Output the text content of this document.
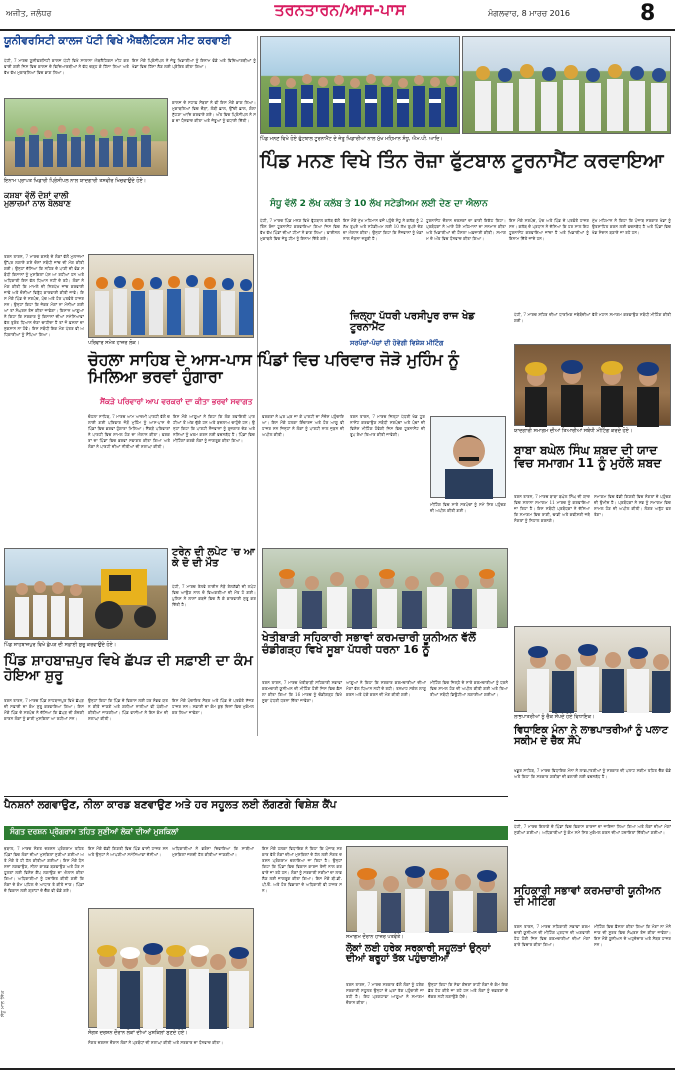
ਅਜੀਤ, ਜਲੰਧਰ	ਤਰਨਤਾਰਨ/ਆਸ-ਪਾਸ	ਮੰਗਲਵਾਰ, 8 ਮਾਰਚ 2016	8
ਯੂਨੀਵਰਸਿਟੀ ਕਾਲਜ ਪੱਟੀ ਵਿਖੇ ਐਥਲੈਟਿਕਸ ਮੀਟ ਕਰਵਾਈ
ਪੱਟੀ, 7 ਮਾਰਚ ਯੂਨੀਵਰਸਿਟੀ ਕਾਲਜ ਪੱਟੀ ਵਿਖੇ ਸਾਲਾਨਾ ਐਥਲੈਟਿਕਸ ਮੀਟ ਕਰਵਾਈ ਗਈ ਜਿਸ ਵਿਚ ਕਾਲਜ ਦੇ ਵਿਦਿਆਰਥੀਆਂ ਨੇ ਵੱਧ ਚੜ੍ਹ ਕੇ ਹਿੱਸਾ ਲਿਆ ਅਤੇ ਵੱਖ ਵੱਖ ਮੁਕਾਬਲਿਆਂ ਵਿਚ ਭਾਗ ਲਿਆ।
ਇਸ ਮੌਕੇ ਪ੍ਰਿੰਸੀਪਲ ਨੇ ਜੇਤੂ ਖਿਡਾਰੀਆਂ ਨੂੰ ਇਨਾਮ ਵੰਡੇ ਅਤੇ ਵਿਦਿਆਰਥੀਆਂ ਨੂੰ ਖੇਡਾਂ ਵਿਚ ਹਿੱਸਾ ਲੈਣ ਲਈ ਪ੍ਰੇਰਿਤ ਕੀਤਾ ਗਿਆ।
ਇਨਾਮ ਪ੍ਰਾਪਤ ਖਿਡਾਰੀ ਪ੍ਰਿੰਸੀਪਲ ਨਾਲ ਯਾਦਗਾਰੀ ਤਸਵੀਰ ਖਿਚਵਾਉਂਦੇ ਹੋਏ।
ਕਾਲਜ ਦੇ ਸਟਾਫ਼ ਮੈਂਬਰਾਂ ਨੇ ਵੀ ਇਸ ਮੌਕੇ ਭਾਗ ਲਿਆ। ਮੁਕਾਬਲਿਆਂ ਵਿਚ ਦੌੜਾਂ, ਲੰਬੀ ਛਾਲ, ਉੱਚੀ ਛਾਲ, ਗੋਲਾ ਸੁੱਟਣਾ ਆਦਿ ਕਰਵਾਏ ਗਏ। ਅੰਤ ਵਿਚ ਪ੍ਰਿੰਸੀਪਲ ਨੇ ਸਭ ਦਾ ਧੰਨਵਾਦ ਕੀਤਾ ਅਤੇ ਜੇਤੂਆਂ ਨੂੰ ਵਧਾਈ ਦਿੱਤੀ।
ਪਿੰਡ ਮਨਣ ਵਿਖੇ ਹੋਏ ਫੁੱਟਬਾਲ ਟੂਰਨਾਮੈਂਟ ਦੇ ਜੇਤੂ ਖਿਡਾਰੀਆਂ ਨਾਲ ਮੁੱਖ ਮਹਿਮਾਨ ਸੰਧੂ, ਐਮ.ਪੀ. ਆਦਿ।
ਪਿੰਡ ਮਨਣ ਵਿਖੇ ਤਿੰਨ ਰੋਜ਼ਾ ਫੁੱਟਬਾਲ ਟੂਰਨਾਮੈਂਟ ਕਰਵਾਇਆ
ਸੰਧੂ ਵੱਲੋਂ 2 ਲੱਖ ਕਲੱਬ ਤੇ 10 ਲੱਖ ਸਟੇਡੀਅਮ ਲਈ ਦੇਣ ਦਾ ਐਲਾਨ
ਪੱਟੀ, 7 ਮਾਰਚ ਪਿੰਡ ਮਨਣ ਵਿਖੇ ਫੁੱਟਬਾਲ ਕਲੱਬ ਵੱਲੋਂ ਤਿੰਨ ਰੋਜ਼ਾ ਟੂਰਨਾਮੈਂਟ ਕਰਵਾਇਆ ਗਿਆ ਜਿਸ ਵਿਚ ਵੱਖ ਵੱਖ ਪਿੰਡਾਂ ਦੀਆਂ ਟੀਮਾਂ ਨੇ ਭਾਗ ਲਿਆ। ਫਾਈਨਲ ਮੁਕਾਬਲੇ ਵਿਚ ਜੇਤੂ ਟੀਮ ਨੂੰ ਇਨਾਮ ਦਿੱਤੇ ਗਏ।
ਇਸ ਮੌਕੇ ਮੁੱਖ ਮਹਿਮਾਨ ਵਜੋਂ ਪਹੁੰਚੇ ਸੰਧੂ ਨੇ ਕਲੱਬ ਨੂੰ 2 ਲੱਖ ਰੁਪਏ ਅਤੇ ਸਟੇਡੀਅਮ ਲਈ 10 ਲੱਖ ਰੁਪਏ ਦੇਣ ਦਾ ਐਲਾਨ ਕੀਤਾ। ਉਨ੍ਹਾਂ ਕਿਹਾ ਕਿ ਨੌਜਵਾਨਾਂ ਨੂੰ ਖੇਡਾਂ ਨਾਲ ਜੋੜਨਾ ਜ਼ਰੂਰੀ ਹੈ।
ਟੂਰਨਾਮੈਂਟ ਦੌਰਾਨ ਦਰਸ਼ਕਾਂ ਦਾ ਭਾਰੀ ਇਕੱਠ ਰਿਹਾ। ਪ੍ਰਬੰਧਕਾਂ ਨੇ ਆਏ ਹੋਏ ਮਹਿਮਾਨਾਂ ਦਾ ਸਨਮਾਨ ਕੀਤਾ ਅਤੇ ਖਿਡਾਰੀਆਂ ਦੀ ਹੌਸਲਾ ਅਫ਼ਜ਼ਾਈ ਕੀਤੀ। ਸਮਾਗਮ ਦੇ ਅੰਤ ਵਿਚ ਧੰਨਵਾਦ ਕੀਤਾ ਗਿਆ।
ਇਸ ਮੌਕੇ ਸਰਪੰਚ, ਪੰਚ ਅਤੇ ਪਿੰਡ ਦੇ ਪਤਵੰਤੇ ਹਾਜ਼ਰ ਸਨ। ਕਲੱਬ ਦੇ ਪ੍ਰਧਾਨ ਨੇ ਦੱਸਿਆ ਕਿ ਹਰ ਸਾਲ ਇਹ ਟੂਰਨਾਮੈਂਟ ਕਰਵਾਇਆ ਜਾਂਦਾ ਹੈ ਅਤੇ ਖਿਡਾਰੀਆਂ ਨੂੰ ਇਨਾਮ ਦਿੱਤੇ ਜਾਂਦੇ ਹਨ।
ਮੁੱਖ ਮਹਿਮਾਨ ਨੇ ਕਿਹਾ ਕਿ ਪੰਜਾਬ ਸਰਕਾਰ ਖੇਡਾਂ ਨੂੰ ਉਤਸ਼ਾਹਿਤ ਕਰਨ ਲਈ ਵਚਨਬੱਧ ਹੈ ਅਤੇ ਪਿੰਡਾਂ ਵਿਚ ਖੇਡ ਮੈਦਾਨ ਬਣਾਏ ਜਾ ਰਹੇ ਹਨ।
ਕਸ਼ਬਾ ਵੱਲੋਂ ਦੋਸ਼ਾਂ ਵਾਲੀ ਮੁਲਾਜ਼ਮਾਂ ਨਾਲ ਬੋਲਬਾਣ
ਤਰਨ ਤਾਰਨ, 7 ਮਾਰਚ ਕਸਬੇ ਦੇ ਲੋਕਾਂ ਵੱਲੋਂ ਮੁਲਾਜ਼ਮਾਂ ਉੱਪਰ ਲਗਾਏ ਗਏ ਦੋਸ਼ਾਂ ਸਬੰਧੀ ਜਾਂਚ ਦੀ ਮੰਗ ਕੀਤੀ ਗਈ। ਉਨ੍ਹਾਂ ਦੱਸਿਆ ਕਿ ਨਹਿਰ ਦੇ ਪਾਣੀ ਦੀ ਵੰਡ ਸਬੰਧੀ ਕਿਸਾਨਾਂ ਨੂੰ ਮੁਸ਼ਕਿਲਾਂ ਪੇਸ਼ ਆ ਰਹੀਆਂ ਹਨ ਅਤੇ ਅਧਿਕਾਰੀ ਇਸ ਵੱਲ ਧਿਆਨ ਨਹੀਂ ਦੇ ਰਹੇ। ਲੋਕਾਂ ਨੇ ਮੰਗ ਕੀਤੀ ਕਿ ਮਾਮਲੇ ਦੀ ਨਿਰਪੱਖ ਜਾਂਚ ਕਰਵਾਈ ਜਾਵੇ ਅਤੇ ਦੋਸ਼ੀਆਂ ਵਿਰੁੱਧ ਕਾਰਵਾਈ ਕੀਤੀ ਜਾਵੇ। ਇਸ ਮੌਕੇ ਪਿੰਡ ਦੇ ਸਰਪੰਚ, ਪੰਚ ਅਤੇ ਹੋਰ ਪਤਵੰਤੇ ਹਾਜ਼ਰ ਸਨ। ਉਨ੍ਹਾਂ ਕਿਹਾ ਕਿ ਜੇਕਰ ਮੰਗਾਂ ਨਾ ਮੰਨੀਆਂ ਗਈਆਂ ਤਾਂ ਸੰਘਰਸ਼ ਤੇਜ਼ ਕੀਤਾ ਜਾਵੇਗਾ। ਕਿਸਾਨ ਆਗੂਆਂ ਨੇ ਕਿਹਾ ਕਿ ਸਰਕਾਰ ਨੂੰ ਕਿਸਾਨਾਂ ਦੀਆਂ ਸਮੱਸਿਆਵਾਂ ਵੱਲ ਤੁਰੰਤ ਧਿਆਨ ਦੇਣਾ ਚਾਹੀਦਾ ਹੈ ਤਾਂ ਜੋ ਫ਼ਸਲਾਂ ਦਾ ਨੁਕਸਾਨ ਨਾ ਹੋਵੇ। ਇਸ ਸਬੰਧੀ ਇਕ ਮੰਗ ਪੱਤਰ ਵੀ ਅਧਿਕਾਰੀਆਂ ਨੂੰ ਸੌਂਪਿਆ ਗਿਆ।
ਪਰਿਵਾਰ ਸਮੇਤ ਹਾਜ਼ਰ ਲੋਕ।
ਚੋਹਲਾ ਸਾਹਿਬ ਦੇ ਆਸ-ਪਾਸ ਪਿੰਡਾਂ ਵਿਚ ਪਰਿਵਾਰ ਜੋੜੋ ਮੁਹਿੰਮ ਨੂੰ ਮਿਲਿਆ ਭਰਵਾਂ ਹੁੰਗਾਰਾ
ਸੈਂਕੜੇ ਪਰਿਵਾਰਾਂ ਆਪ ਵਰਕਰਾਂ ਦਾ ਕੀਤਾ ਭਰਵਾਂ ਸਵਾਗਤ
ਚੋਹਲਾ ਸਾਹਿਬ, 7 ਮਾਰਚ ਆਮ ਆਦਮੀ ਪਾਰਟੀ ਵੱਲੋਂ ਚਲਾਈ ਗਈ ਪਰਿਵਾਰ ਜੋੜੋ ਮੁਹਿੰਮ ਨੂੰ ਆਸ-ਪਾਸ ਦੇ ਪਿੰਡਾਂ ਵਿਚ ਭਰਵਾਂ ਹੁੰਗਾਰਾ ਮਿਲਿਆ। ਸੈਂਕੜੇ ਪਰਿਵਾਰਾਂ ਨੇ ਪਾਰਟੀ ਵਿਚ ਸ਼ਾਮਲ ਹੋਣ ਦਾ ਐਲਾਨ ਕੀਤਾ। ਵਰਕਰਾਂ ਦਾ ਪਿੰਡਾਂ ਵਿਚ ਭਰਵਾਂ ਸਵਾਗਤ ਕੀਤਾ ਗਿਆ ਅਤੇ ਲੋਕਾਂ ਨੇ ਪਾਰਟੀ ਦੀਆਂ ਨੀਤੀਆਂ ਦੀ ਸ਼ਲਾਘਾ ਕੀਤੀ।
ਇਸ ਮੌਕੇ ਆਗੂਆਂ ਨੇ ਕਿਹਾ ਕਿ ਲੋਕ ਰਵਾਇਤੀ ਪਾਰਟੀਆਂ ਤੋਂ ਅੱਕ ਚੁੱਕੇ ਹਨ ਅਤੇ ਬਦਲਾਅ ਚਾਹੁੰਦੇ ਹਨ। ਉਨ੍ਹਾਂ ਕਿਹਾ ਕਿ ਪਾਰਟੀ ਨੌਜਵਾਨਾਂ ਨੂੰ ਰੁਜ਼ਗਾਰ ਦੇਣ ਅਤੇ ਨਸ਼ਿਆਂ ਨੂੰ ਖ਼ਤਮ ਕਰਨ ਲਈ ਵਚਨਬੱਧ ਹੈ। ਪਿੰਡਾਂ ਵਿਚ ਮੀਟਿੰਗਾਂ ਕਰਕੇ ਲੋਕਾਂ ਨੂੰ ਜਾਗਰੂਕ ਕੀਤਾ ਗਿਆ।
ਵਰਕਰਾਂ ਨੇ ਘਰ ਘਰ ਜਾ ਕੇ ਪਾਰਟੀ ਦਾ ਸੰਦੇਸ਼ ਪਹੁੰਚਾਇਆ। ਇਸ ਮੌਕੇ ਹਲਕਾ ਇੰਚਾਰਜ ਅਤੇ ਹੋਰ ਆਗੂ ਵੀ ਹਾਜ਼ਰ ਸਨ ਜਿਨ੍ਹਾਂ ਨੇ ਲੋਕਾਂ ਨੂੰ ਪਾਰਟੀ ਨਾਲ ਜੁੜਨ ਦੀ ਅਪੀਲ ਕੀਤੀ।
ਜ਼ਿਲ੍ਹਾ ਪੱਧਰੀ ਪਰਸੀਪੂਰ ਰਾਜ ਖੇਡ ਟੂਰਨਾਮੈਂਟ
ਸਰਪੰਚਾਂ-ਪੰਚਾਂ ਦੀ ਹੋਵੇਗੀ ਵਿਸ਼ੇਸ਼ ਮੀਟਿੰਗ
ਤਰਨ ਤਾਰਨ, 7 ਮਾਰਚ ਜ਼ਿਲ੍ਹਾ ਪੱਧਰੀ ਖੇਡ ਟੂਰਨਾਮੈਂਟ ਕਰਵਾਉਣ ਸਬੰਧੀ ਸਰਪੰਚਾਂ ਅਤੇ ਪੰਚਾਂ ਦੀ ਵਿਸ਼ੇਸ਼ ਮੀਟਿੰਗ ਹੋਵੇਗੀ ਜਿਸ ਵਿਚ ਟੂਰਨਾਮੈਂਟ ਦੀ ਰੂਪ ਰੇਖਾ ਤਿਆਰ ਕੀਤੀ ਜਾਵੇਗੀ।
ਮੀਟਿੰਗ ਵਿਚ ਸਾਰੇ ਸਰਪੰਚਾਂ ਨੂੰ ਸਮੇਂ ਸਿਰ ਪਹੁੰਚਣ ਦੀ ਅਪੀਲ ਕੀਤੀ ਗਈ।
ਪੱਟੀ, 7 ਮਾਰਚ ਸ਼ਹਿਰ ਦੀਆਂ ਧਾਰਮਿਕ ਜਥੇਬੰਦੀਆਂ ਵੱਲੋਂ ਮਹਾਨ ਸਮਾਗਮ ਕਰਵਾਉਣ ਸਬੰਧੀ ਮੀਟਿੰਗ ਕੀਤੀ ਗਈ।
ਯਾਦਗਾਰੀ ਸਮਾਗਮ ਦੀਆਂ ਤਿਆਰੀਆਂ ਸਬੰਧੀ ਮੀਟਿੰਗ ਕਰਦੇ ਹੋਏ।
ਬਾਬਾ ਬਘੇਲ ਸਿੰਘ ਸ਼ਬਦ ਦੀ ਯਾਦ ਵਿਚ ਸਮਾਗਮ 11 ਨੂੰ ਮੁਹੱਲੇ ਸ਼ਬਦ
ਤਰਨ ਤਾਰਨ, 7 ਮਾਰਚ ਬਾਬਾ ਬਘੇਲ ਸਿੰਘ ਦੀ ਯਾਦ ਵਿਚ ਸਲਾਨਾ ਸਮਾਗਮ 11 ਮਾਰਚ ਨੂੰ ਕਰਵਾਇਆ ਜਾ ਰਿਹਾ ਹੈ। ਇਸ ਸਬੰਧੀ ਪ੍ਰਬੰਧਕਾਂ ਨੇ ਦੱਸਿਆ ਕਿ ਸਮਾਗਮ ਵਿਚ ਰਾਗੀ, ਢਾਡੀ ਅਤੇ ਕਵੀਸ਼ਰੀ ਜਥੇ ਸੰਗਤਾਂ ਨੂੰ ਨਿਹਾਲ ਕਰਨਗੇ।
ਸਮਾਗਮ ਵਿਚ ਵੱਡੀ ਗਿਣਤੀ ਵਿਚ ਸੰਗਤਾਂ ਦੇ ਪਹੁੰਚਣ ਦੀ ਉਮੀਦ ਹੈ। ਪ੍ਰਬੰਧਕਾਂ ਨੇ ਸਭ ਨੂੰ ਸਮਾਗਮ ਵਿਚ ਸ਼ਾਮਲ ਹੋਣ ਦੀ ਅਪੀਲ ਕੀਤੀ। ਲੰਗਰ ਅਤੁੱਟ ਵਰਤੇਗਾ।
ਪਿੰਡ ਸ਼ਾਹਬਾਜ਼ਪੁਰ ਵਿਖੇ ਛੱਪੜ ਦੀ ਸਫ਼ਾਈ ਸ਼ੁਰੂ ਕਰਵਾਉਂਦੇ ਹੋਏ।
ਪਿੰਡ ਸ਼ਾਹਬਾਜ਼ਪੁਰ ਵਿਖੇ ਛੱਪੜ ਦੀ ਸਫ਼ਾਈ ਦਾ ਕੰਮ ਹੋਇਆ ਸ਼ੁਰੂ
ਤਰਨ ਤਾਰਨ, 7 ਮਾਰਚ ਪਿੰਡ ਸ਼ਾਹਬਾਜ਼ਪੁਰ ਵਿਖੇ ਛੱਪੜ ਦੀ ਸਫ਼ਾਈ ਦਾ ਕੰਮ ਸ਼ੁਰੂ ਕਰਵਾਇਆ ਗਿਆ। ਇਸ ਮੌਕੇ ਪਿੰਡ ਦੇ ਸਰਪੰਚ ਨੇ ਦੱਸਿਆ ਕਿ ਛੱਪੜ ਦੀ ਗੰਦਗੀ ਕਾਰਨ ਲੋਕਾਂ ਨੂੰ ਭਾਰੀ ਮੁਸ਼ਕਿਲਾਂ ਆ ਰਹੀਆਂ ਸਨ।
ਉਨ੍ਹਾਂ ਕਿਹਾ ਕਿ ਪਿੰਡ ਦੇ ਵਿਕਾਸ ਲਈ ਹਰ ਸੰਭਵ ਯਤਨ ਕੀਤੇ ਜਾਣਗੇ ਅਤੇ ਗਲੀਆਂ ਨਾਲੀਆਂ ਵੀ ਪੱਕੀਆਂ ਕੀਤੀਆਂ ਜਾਣਗੀਆਂ। ਪਿੰਡ ਵਾਸੀਆਂ ਨੇ ਇਸ ਕੰਮ ਦੀ ਸ਼ਲਾਘਾ ਕੀਤੀ।
ਇਸ ਮੌਕੇ ਪੰਚਾਇਤ ਮੈਂਬਰ ਅਤੇ ਪਿੰਡ ਦੇ ਪਤਵੰਤੇ ਸੱਜਣ ਹਾਜ਼ਰ ਸਨ। ਸਫ਼ਾਈ ਦਾ ਕੰਮ ਕੁਝ ਦਿਨਾਂ ਵਿਚ ਮੁਕੰਮਲ ਕਰ ਲਿਆ ਜਾਵੇਗਾ।
ਟਰੇਨ ਦੀ ਲਪੇਟ 'ਚ ਆ ਕੇ ਦੋ ਦੀ ਮੌਤ
ਪੱਟੀ, 7 ਮਾਰਚ ਰੇਲਵੇ ਲਾਈਨ ਨੇੜੇ ਰੇਲਗੱਡੀ ਦੀ ਲਪੇਟ ਵਿਚ ਆਉਣ ਨਾਲ ਦੋ ਵਿਅਕਤੀਆਂ ਦੀ ਮੌਤ ਹੋ ਗਈ। ਪੁਲਿਸ ਨੇ ਲਾਸ਼ਾਂ ਕਬਜ਼ੇ ਵਿਚ ਲੈ ਕੇ ਕਾਰਵਾਈ ਸ਼ੁਰੂ ਕਰ ਦਿੱਤੀ ਹੈ।
ਖੇਤੀਬਾੜੀ ਸਹਿਕਾਰੀ ਸਭਾਵਾਂ ਕਰਮਚਾਰੀ ਯੂਨੀਅਨ ਵੱਲੋਂ ਚੰਡੀਗੜ੍ਹ ਵਿਖੇ ਸੂਬਾ ਪੱਧਰੀ ਧਰਨਾ 16 ਨੂੰ
ਤਰਨ ਤਾਰਨ, 7 ਮਾਰਚ ਖੇਤੀਬਾੜੀ ਸਹਿਕਾਰੀ ਸਭਾਵਾਂ ਕਰਮਚਾਰੀ ਯੂਨੀਅਨ ਦੀ ਮੀਟਿੰਗ ਹੋਈ ਜਿਸ ਵਿਚ ਫ਼ੈਸਲਾ ਕੀਤਾ ਗਿਆ ਕਿ 16 ਮਾਰਚ ਨੂੰ ਚੰਡੀਗੜ੍ਹ ਵਿਖੇ ਸੂਬਾ ਪੱਧਰੀ ਧਰਨਾ ਦਿੱਤਾ ਜਾਵੇਗਾ।
ਆਗੂਆਂ ਨੇ ਕਿਹਾ ਕਿ ਸਰਕਾਰ ਕਰਮਚਾਰੀਆਂ ਦੀਆਂ ਮੰਗਾਂ ਵੱਲ ਧਿਆਨ ਨਹੀਂ ਦੇ ਰਹੀ। ਤਨਖ਼ਾਹ ਸਕੇਲ ਲਾਗੂ ਕਰਨ ਅਤੇ ਪੱਕੇ ਕਰਨ ਦੀ ਮੰਗ ਕੀਤੀ ਗਈ।
ਮੀਟਿੰਗ ਵਿਚ ਜ਼ਿਲ੍ਹੇ ਦੇ ਸਾਰੇ ਕਰਮਚਾਰੀਆਂ ਨੂੰ ਧਰਨੇ ਵਿਚ ਸ਼ਾਮਲ ਹੋਣ ਦੀ ਅਪੀਲ ਕੀਤੀ ਗਈ ਅਤੇ ਤਿਆਰੀਆਂ ਸਬੰਧੀ ਡਿਊਟੀਆਂ ਲਗਾਈਆਂ ਗਈਆਂ।
ਲਾਭਪਾਤਰੀਆਂ ਨੂੰ ਚੈੱਕ ਸੌਂਪਦੇ ਹੋਏ ਵਿਧਾਇਕ।
ਵਿਧਾਇਕ ਮੰਨਾ ਨੇ ਲਾਭਪਾਤਰੀਆਂ ਨੂੰ ਪਲਾਟ ਸਕੀਮ ਦੇ ਚੈੱਕ ਸੌਂਪੇ
ਖਡੂਰ ਸਾਹਿਬ, 7 ਮਾਰਚ ਵਿਧਾਇਕ ਮੰਨਾ ਨੇ ਲਾਭਪਾਤਰੀਆਂ ਨੂੰ ਸਰਕਾਰ ਦੀ ਪਲਾਟ ਸਕੀਮ ਤਹਿਤ ਚੈੱਕ ਵੰਡੇ ਅਤੇ ਕਿਹਾ ਕਿ ਸਰਕਾਰ ਗ਼ਰੀਬਾਂ ਦੀ ਭਲਾਈ ਲਈ ਵਚਨਬੱਧ ਹੈ।
ਪੈਨਸ਼ਨਾਂ ਲਗਵਾਉਣ, ਨੀਲਾ ਕਾਰਡ ਬਣਵਾਉਣ ਅਤੇ ਹਰ ਸਹੂਲਤ ਲਈ ਲੱਗਣਗੇ ਵਿਸ਼ੇਸ਼ ਕੈਂਪ
ਸੰਗਤ ਦਰਸ਼ਨ ਪ੍ਰੋਗਰਾਮ ਤਹਿਤ ਸੁਣੀਆਂ ਲੋਕਾਂ ਦੀਆਂ ਮੁਸ਼ਕਿਲਾਂ
ਝਬਾਲ, 7 ਮਾਰਚ ਸੰਗਤ ਦਰਸ਼ਨ ਪ੍ਰੋਗਰਾਮ ਤਹਿਤ ਪਿੰਡਾਂ ਵਿਚ ਲੋਕਾਂ ਦੀਆਂ ਮੁਸ਼ਕਿਲਾਂ ਸੁਣੀਆਂ ਗਈਆਂ ਅਤੇ ਮੌਕੇ ਤੇ ਹੀ ਹੱਲ ਕੀਤੀਆਂ ਗਈਆਂ। ਇਸ ਮੌਕੇ ਪੈਨਸ਼ਨਾਂ ਲਗਵਾਉਣ, ਨੀਲਾ ਕਾਰਡ ਬਣਵਾਉਣ ਅਤੇ ਹੋਰ ਸਹੂਲਤਾਂ ਲਈ ਵਿਸ਼ੇਸ਼ ਕੈਂਪ ਲਗਾਉਣ ਦਾ ਐਲਾਨ ਕੀਤਾ ਗਿਆ। ਅਧਿਕਾਰੀਆਂ ਨੂੰ ਹਦਾਇਤ ਕੀਤੀ ਗਈ ਕਿ ਲੋਕਾਂ ਦੇ ਕੰਮ ਪਹਿਲ ਦੇ ਆਧਾਰ ਤੇ ਕੀਤੇ ਜਾਣ। ਪਿੰਡਾਂ ਦੇ ਵਿਕਾਸ ਲਈ ਗ੍ਰਾਂਟਾਂ ਦੇ ਚੈੱਕ ਵੀ ਵੰਡੇ ਗਏ।
ਇਸ ਮੌਕੇ ਵੱਡੀ ਗਿਣਤੀ ਵਿਚ ਪਿੰਡ ਵਾਸੀ ਹਾਜ਼ਰ ਸਨ ਅਤੇ ਉਨ੍ਹਾਂ ਨੇ ਆਪਣੀਆਂ ਸਮੱਸਿਆਵਾਂ ਦੱਸੀਆਂ।
ਅਧਿਕਾਰੀਆਂ ਨੇ ਭਰੋਸਾ ਦਿਵਾਇਆ ਕਿ ਸਾਰੀਆਂ ਮੁਸ਼ਕਿਲਾਂ ਜਲਦੀ ਹੱਲ ਕੀਤੀਆਂ ਜਾਣਗੀਆਂ।
ਸੰਗਤ ਦਰਸ਼ਨ ਦੌਰਾਨ ਲੋਕਾਂ ਦੀਆਂ ਮੁਸ਼ਕਿਲਾਂ ਸੁਣਦੇ ਹੋਏ।
ਸੰਗਤ ਦਰਸ਼ਨ ਦੌਰਾਨ ਲੋਕਾਂ ਨੇ ਪ੍ਰਬੰਧਾਂ ਦੀ ਸ਼ਲਾਘਾ ਕੀਤੀ ਅਤੇ ਸਰਕਾਰ ਦਾ ਧੰਨਵਾਦ ਕੀਤਾ।
ਇਸ ਮੌਕੇ ਹਲਕਾ ਵਿਧਾਇਕ ਨੇ ਕਿਹਾ ਕਿ ਪੰਜਾਬ ਸਰਕਾਰ ਵੱਲੋਂ ਲੋਕਾਂ ਦੀਆਂ ਮੁਸ਼ਕਿਲਾਂ ਦੇ ਹੱਲ ਲਈ ਸੰਗਤ ਦਰਸ਼ਨ ਪ੍ਰੋਗਰਾਮ ਚਲਾਇਆ ਜਾ ਰਿਹਾ ਹੈ। ਉਨ੍ਹਾਂ ਕਿਹਾ ਕਿ ਪਿੰਡਾਂ ਵਿਚ ਵਿਕਾਸ ਕਾਰਜ ਤੇਜ਼ੀ ਨਾਲ ਕਰਵਾਏ ਜਾ ਰਹੇ ਹਨ। ਲੋਕਾਂ ਨੂੰ ਸਰਕਾਰੀ ਸਕੀਮਾਂ ਦਾ ਲਾਭ ਲੈਣ ਲਈ ਜਾਗਰੂਕ ਕੀਤਾ ਗਿਆ। ਇਸ ਮੌਕੇ ਬੀ.ਡੀ.ਪੀ.ਓ. ਅਤੇ ਹੋਰ ਵਿਭਾਗਾਂ ਦੇ ਅਧਿਕਾਰੀ ਵੀ ਹਾਜ਼ਰ ਸਨ।
ਸਮਾਗਮ ਦੌਰਾਨ ਹਾਜ਼ਰ ਪਤਵੰਤੇ।
ਲੋਕਾਂ ਲਈ ਹਰੇਕ ਸਰਕਾਰੀ ਸਹੂਲਤਾਂ ਉਨ੍ਹਾਂ ਦੀਆਂ ਬਰੂਹਾਂ ਤੱਕ ਪਹੁੰਚਾਈਆਂ
ਤਰਨ ਤਾਰਨ, 7 ਮਾਰਚ ਸਰਕਾਰ ਵੱਲੋਂ ਲੋਕਾਂ ਨੂੰ ਹਰੇਕ ਸਰਕਾਰੀ ਸਹੂਲਤ ਉਨ੍ਹਾਂ ਦੇ ਘਰਾਂ ਤੱਕ ਪਹੁੰਚਾਈ ਜਾ ਰਹੀ ਹੈ। ਇਹ ਪ੍ਰਗਟਾਵਾ ਆਗੂਆਂ ਨੇ ਸਮਾਗਮ ਦੌਰਾਨ ਕੀਤਾ।
ਉਨ੍ਹਾਂ ਕਿਹਾ ਕਿ ਸੇਵਾ ਕੇਂਦਰਾਂ ਰਾਹੀਂ ਲੋਕਾਂ ਦੇ ਕੰਮ ਇਕ ਛੱਤ ਹੇਠ ਕੀਤੇ ਜਾ ਰਹੇ ਹਨ ਅਤੇ ਲੋਕਾਂ ਨੂੰ ਦਫ਼ਤਰਾਂ ਦੇ ਚੱਕਰ ਨਹੀਂ ਲਗਾਉਣੇ ਪੈਂਦੇ।
ਪੱਟੀ, 7 ਮਾਰਚ ਇਲਾਕੇ ਦੇ ਪਿੰਡਾਂ ਵਿਚ ਵਿਕਾਸ ਕਾਰਜਾਂ ਦਾ ਜਾਇਜ਼ਾ ਲਿਆ ਗਿਆ ਅਤੇ ਲੋਕਾਂ ਦੀਆਂ ਮੰਗਾਂ ਸੁਣੀਆਂ ਗਈਆਂ। ਅਧਿਕਾਰੀਆਂ ਨੂੰ ਕੰਮ ਸਮੇਂ ਸਿਰ ਮੁਕੰਮਲ ਕਰਨ ਦੀਆਂ ਹਦਾਇਤਾਂ ਦਿੱਤੀਆਂ ਗਈਆਂ।
ਸਹਿਕਾਰੀ ਸਭਾਵਾਂ ਕਰਮਚਾਰੀ ਯੂਨੀਅਨ ਦੀ ਮੀਟਿੰਗ
ਤਰਨ ਤਾਰਨ, 7 ਮਾਰਚ ਸਹਿਕਾਰੀ ਸਭਾਵਾਂ ਕਰਮਚਾਰੀ ਯੂਨੀਅਨ ਦੀ ਮੀਟਿੰਗ ਪ੍ਰਧਾਨ ਦੀ ਅਗਵਾਈ ਹੇਠ ਹੋਈ ਜਿਸ ਵਿਚ ਕਰਮਚਾਰੀਆਂ ਦੀਆਂ ਮੰਗਾਂ ਬਾਰੇ ਵਿਚਾਰ ਕੀਤਾ ਗਿਆ।
ਮੀਟਿੰਗ ਵਿਚ ਫ਼ੈਸਲਾ ਕੀਤਾ ਗਿਆ ਕਿ ਮੰਗਾਂ ਨਾ ਮੰਨੇ ਜਾਣ ਦੀ ਸੂਰਤ ਵਿਚ ਸੰਘਰਸ਼ ਤੇਜ਼ ਕੀਤਾ ਜਾਵੇਗਾ। ਇਸ ਮੌਕੇ ਯੂਨੀਅਨ ਦੇ ਅਹੁਦੇਦਾਰ ਅਤੇ ਮੈਂਬਰ ਹਾਜ਼ਰ ਸਨ।
ਸੰਧੂ ਮਾਨ ਸਿੰਘ
